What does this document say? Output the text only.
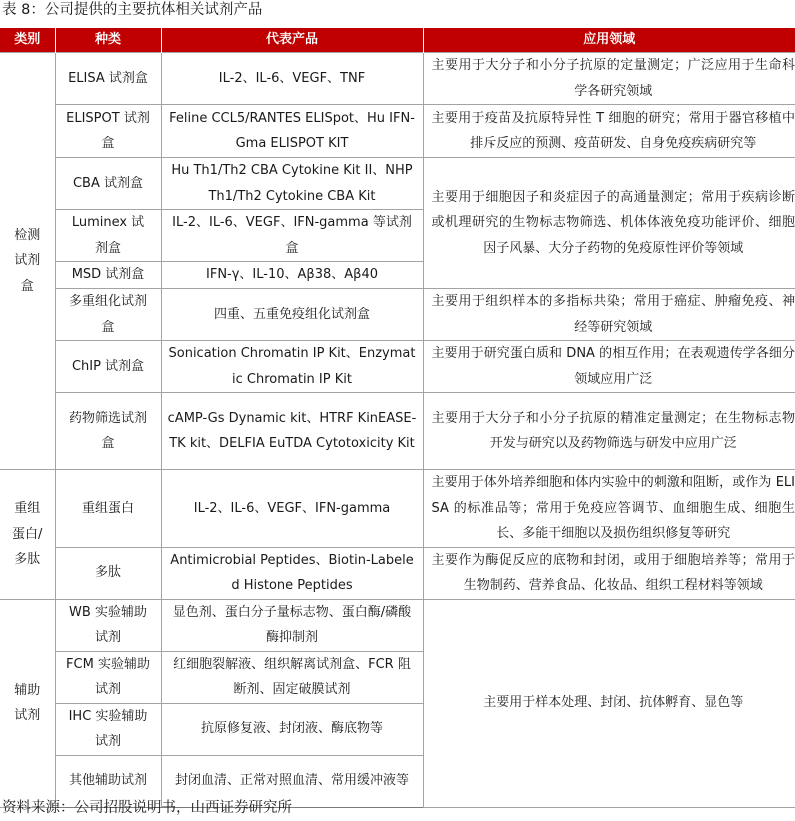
表 8：公司提供的主要抗体相关试剂产品
类别	种类	代表产品	应用领域
检测试剂盒	ELISA 试剂盒	IL-2、IL-6、VEGF、TNF	主要用于大分子和小分子抗原的定量测定；广泛应用于生命科学各研究领域
	ELISPOT 试剂盒	Feline CCL5/RANTES ELISpot、Hu IFN-Gma ELISPOT KIT	主要用于疫苗及抗原特异性 T 细胞的研究；常用于器官移植中排斥反应的预测、疫苗研发、自身免疫疾病研究等
	CBA 试剂盒	Hu Th1/Th2 CBA Cytokine Kit II、NHP Th1/Th2 Cytokine CBA Kit	主要用于细胞因子和炎症因子的高通量测定；常用于疾病诊断或机理研究的生物标志物筛选、机体体液免疫功能评价、细胞因子风暴、大分子药物的免疫原性评价等领域
	Luminex 试剂盒	IL-2、IL-6、VEGF、IFN-gamma 等试剂盒	
	MSD 试剂盒	IFN-γ、IL-10、Aβ38、Aβ40	
	多重组化试剂盒	四重、五重免疫组化试剂盒	主要用于组织样本的多指标共染；常用于癌症、肿瘤免疫、神经等研究领域
	ChIP 试剂盒	Sonication Chromatin IP Kit、Enzymatic Chromatin IP Kit	主要用于研究蛋白质和 DNA 的相互作用；在表观遗传学各细分领域应用广泛
	药物筛选试剂盒	cAMP-Gs Dynamic kit、HTRF KinEASE-TK kit、DELFIA EuTDA Cytotoxicity Kit	主要用于大分子和小分子抗原的精准定量测定；在生物标志物开发与研究以及药物筛选与研发中应用广泛
重组蛋白/多肽	重组蛋白	IL-2、IL-6、VEGF、IFN-gamma	主要用于体外培养细胞和体内实验中的刺激和阻断，或作为 ELISA 的标准品等；常用于免疫应答调节、血细胞生成、细胞生长、多能干细胞以及损伤组织修复等研究
	多肽	Antimicrobial Peptides、Biotin-Labeled Histone Peptides	主要作为酶促反应的底物和封闭，或用于细胞培养等；常用于生物制药、营养食品、化妆品、组织工程材料等领域
辅助试剂	WB 实验辅助试剂	显色剂、蛋白分子量标志物、蛋白酶/磷酸酶抑制剂	主要用于样本处理、封闭、抗体孵育、显色等
	FCM 实验辅助试剂	红细胞裂解液、组织解离试剂盒、FCR 阻断剂、固定破膜试剂	
	IHC 实验辅助试剂	抗原修复液、封闭液、酶底物等	
	其他辅助试剂	封闭血清、正常对照血清、常用缓冲液等	
资料来源：公司招股说明书，山西证券研究所
